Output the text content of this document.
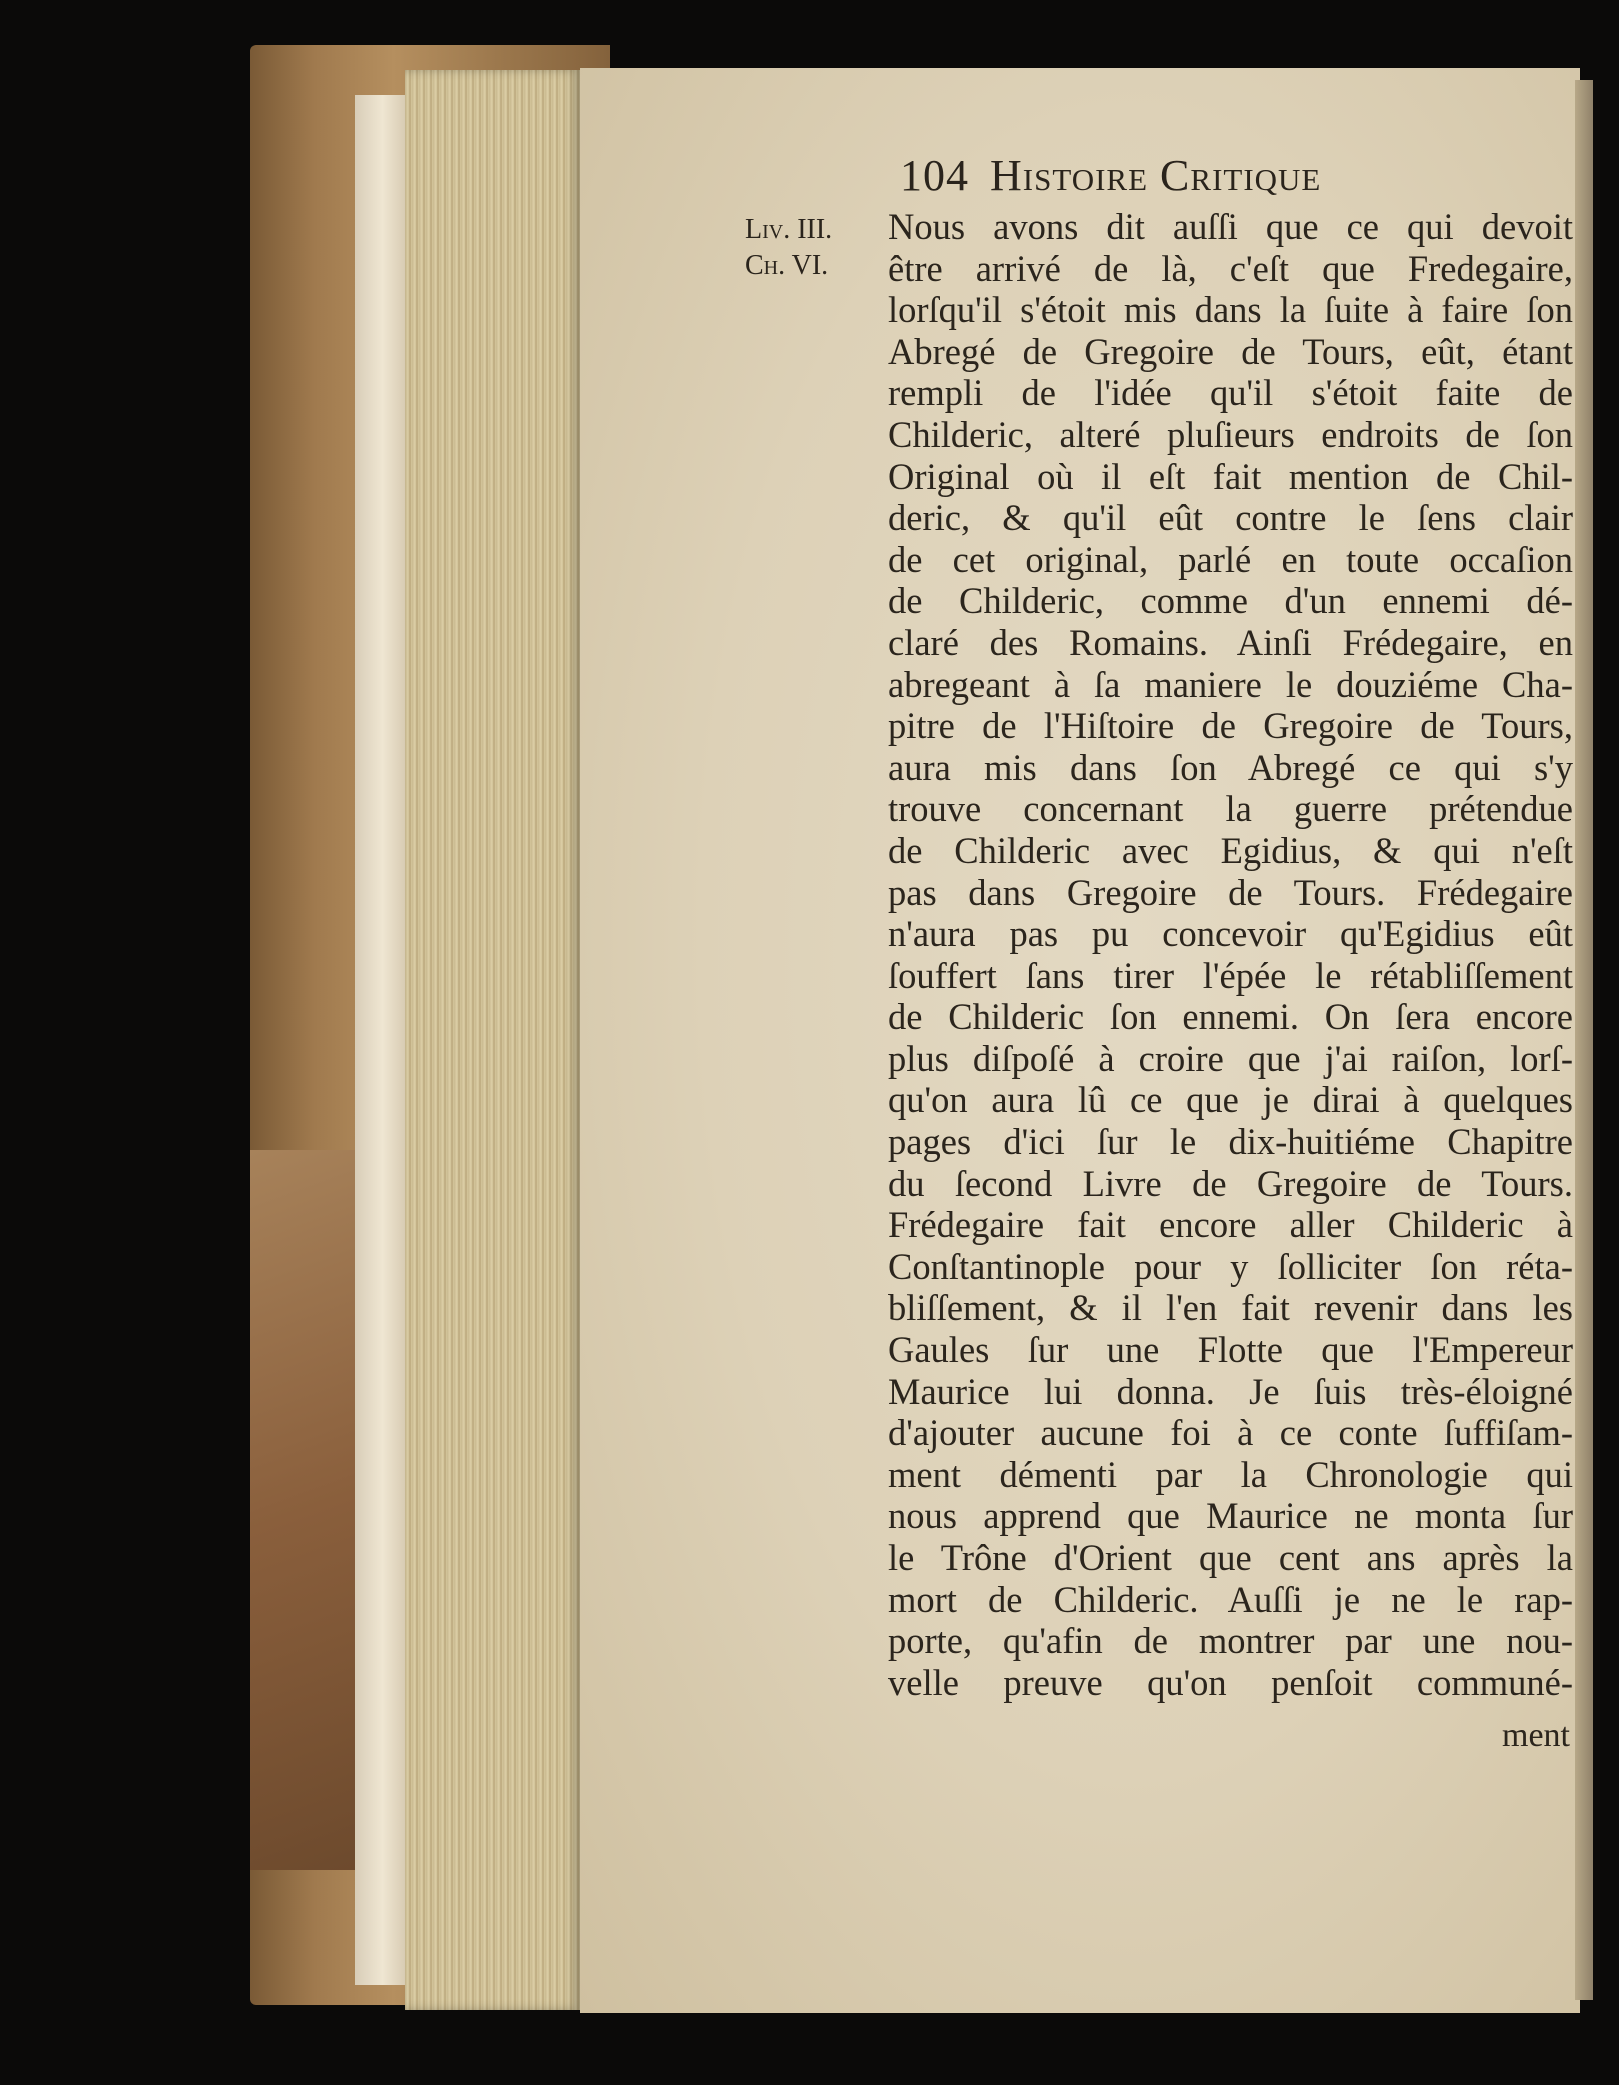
104 Histoire Critique
Liv. III.
Ch. VI.
Nous avons dit auſſi que ce qui devoit
être arrivé de là, c'eſt que Fredegaire,
lorſqu'il s'étoit mis dans la ſuite à faire ſon
Abregé de Gregoire de Tours, eût, étant
rempli de l'idée qu'il s'étoit faite de
Childeric, alteré pluſieurs endroits de ſon
Original où il eſt fait mention de Chil-
deric, & qu'il eût contre le ſens clair
de cet original, parlé en toute occaſion
de Childeric, comme d'un ennemi dé-
claré des Romains. Ainſi Frédegaire, en
abregeant à ſa maniere le douziéme Cha-
pitre de l'Hiſtoire de Gregoire de Tours,
aura mis dans ſon Abregé ce qui s'y
trouve concernant la guerre prétendue
de Childeric avec Egidius, & qui n'eſt
pas dans Gregoire de Tours. Frédegaire
n'aura pas pu concevoir qu'Egidius eût
ſouffert ſans tirer l'épée le rétabliſſement
de Childeric ſon ennemi. On ſera encore
plus diſpoſé à croire que j'ai raiſon, lorſ-
qu'on aura lû ce que je dirai à quelques
pages d'ici ſur le dix-huitiéme Chapitre
du ſecond Livre de Gregoire de Tours.
Frédegaire fait encore aller Childeric à
Conſtantinople pour y ſolliciter ſon réta-
bliſſement, & il l'en fait revenir dans les
Gaules ſur une Flotte que l'Empereur
Maurice lui donna. Je ſuis très-éloigné
d'ajouter aucune foi à ce conte ſuffiſam-
ment démenti par la Chronologie qui
nous apprend que Maurice ne monta ſur
le Trône d'Orient que cent ans après la
mort de Childeric. Auſſi je ne le rap-
porte, qu'afin de montrer par une nou-
velle preuve qu'on penſoit communé-
ment
